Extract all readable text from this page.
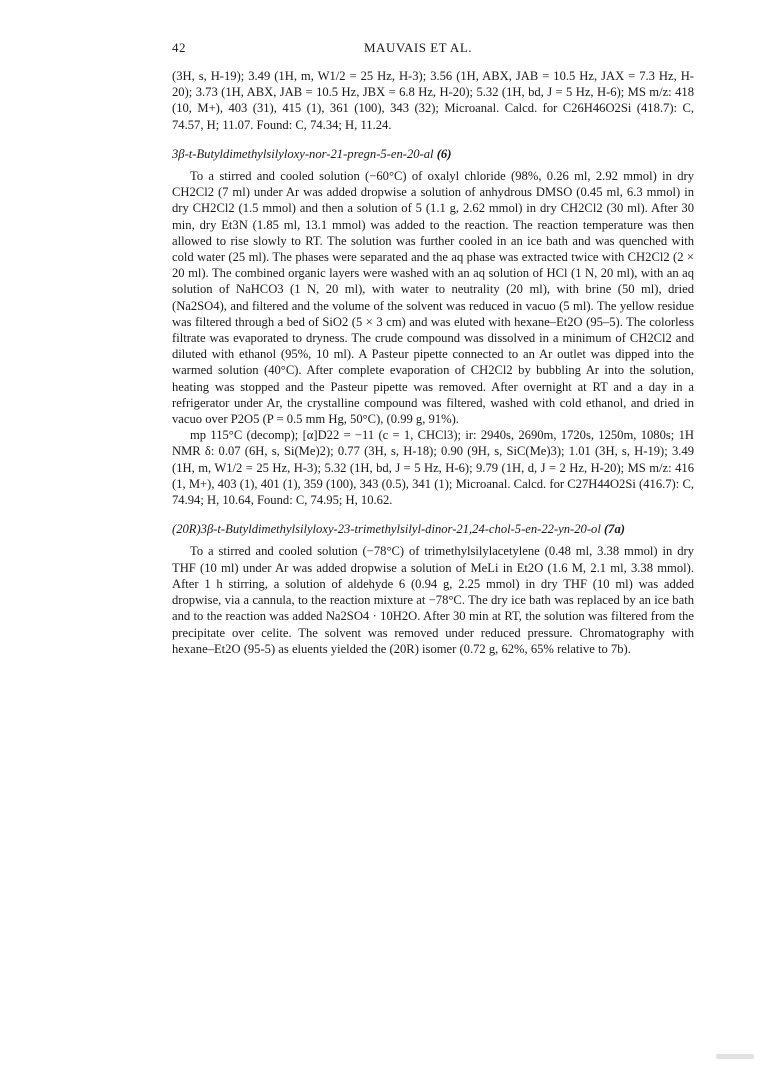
42	MAUVAIS ET AL.

(3H, s, H-19); 3.49 (1H, m, W1/2 = 25 Hz, H-3); 3.56 (1H, ABX, JAB = 10.5 Hz, JAX = 7.3 Hz, H-20); 3.73 (1H, ABX, JAB = 10.5 Hz, JBX = 6.8 Hz, H-20); 5.32 (1H, bd, J = 5 Hz, H-6); MS m/z: 418 (10, M+), 403 (31), 415 (1), 361 (100), 343 (32); Microanal. Calcd. for C26H46O2Si (418.7): C, 74.57, H; 11.07. Found: C, 74.34; H, 11.24.

3β-t-Butyldimethylsilyloxy-nor-21-pregn-5-en-20-al (6)

To a stirred and cooled solution (−60°C) of oxalyl chloride (98%, 0.26 ml, 2.92 mmol) in dry CH2Cl2 (7 ml) under Ar was added dropwise a solution of anhydrous DMSO (0.45 ml, 6.3 mmol) in dry CH2Cl2 (1.5 mmol) and then a solution of 5 (1.1 g, 2.62 mmol) in dry CH2Cl2 (30 ml). After 30 min, dry Et3N (1.85 ml, 13.1 mmol) was added to the reaction. The reaction temperature was then allowed to rise slowly to RT. The solution was further cooled in an ice bath and was quenched with cold water (25 ml). The phases were separated and the aq phase was extracted twice with CH2Cl2 (2 × 20 ml). The combined organic layers were washed with an aq solution of HCl (1 N, 20 ml), with an aq solution of NaHCO3 (1 N, 20 ml), with water to neutrality (20 ml), with brine (50 ml), dried (Na2SO4), and filtered and the volume of the solvent was reduced in vacuo (5 ml). The yellow residue was filtered through a bed of SiO2 (5 × 3 cm) and was eluted with hexane–Et2O (95–5). The colorless filtrate was evaporated to dryness. The crude compound was dissolved in a minimum of CH2Cl2 and diluted with ethanol (95%, 10 ml). A Pasteur pipette connected to an Ar outlet was dipped into the warmed solution (40°C). After complete evaporation of CH2Cl2 by bubbling Ar into the solution, heating was stopped and the Pasteur pipette was removed. After overnight at RT and a day in a refrigerator under Ar, the crystalline compound was filtered, washed with cold ethanol, and dried in vacuo over P2O5 (P = 0.5 mm Hg, 50°C), (0.99 g, 91%).

mp 115°C (decomp); [α]D22 = −11 (c = 1, CHCl3); ir: 2940s, 2690m, 1720s, 1250m, 1080s; 1H NMR δ: 0.07 (6H, s, Si(Me)2); 0.77 (3H, s, H-18); 0.90 (9H, s, SiC(Me)3); 1.01 (3H, s, H-19); 3.49 (1H, m, W1/2 = 25 Hz, H-3); 5.32 (1H, bd, J = 5 Hz, H-6); 9.79 (1H, d, J = 2 Hz, H-20); MS m/z: 416 (1, M+), 403 (1), 401 (1), 359 (100), 343 (0.5), 341 (1); Microanal. Calcd. for C27H44O2Si (416.7): C, 74.94; H, 10.64, Found: C, 74.95; H, 10.62.

(20R)3β-t-Butyldimethylsilyloxy-23-trimethylsilyl-dinor-21,24-chol-5-en-22-yn-20-ol (7a)

To a stirred and cooled solution (−78°C) of trimethylsilylacetylene (0.48 ml, 3.38 mmol) in dry THF (10 ml) under Ar was added dropwise a solution of MeLi in Et2O (1.6 M, 2.1 ml, 3.38 mmol). After 1 h stirring, a solution of aldehyde 6 (0.94 g, 2.25 mmol) in dry THF (10 ml) was added dropwise, via a cannula, to the reaction mixture at −78°C. The dry ice bath was replaced by an ice bath and to the reaction was added Na2SO4 · 10H2O. After 30 min at RT, the solution was filtered from the precipitate over celite. The solvent was removed under reduced pressure. Chromatography with hexane–Et2O (95-5) as eluents yielded the (20R) isomer (0.72 g, 62%, 65% relative to 7b).
